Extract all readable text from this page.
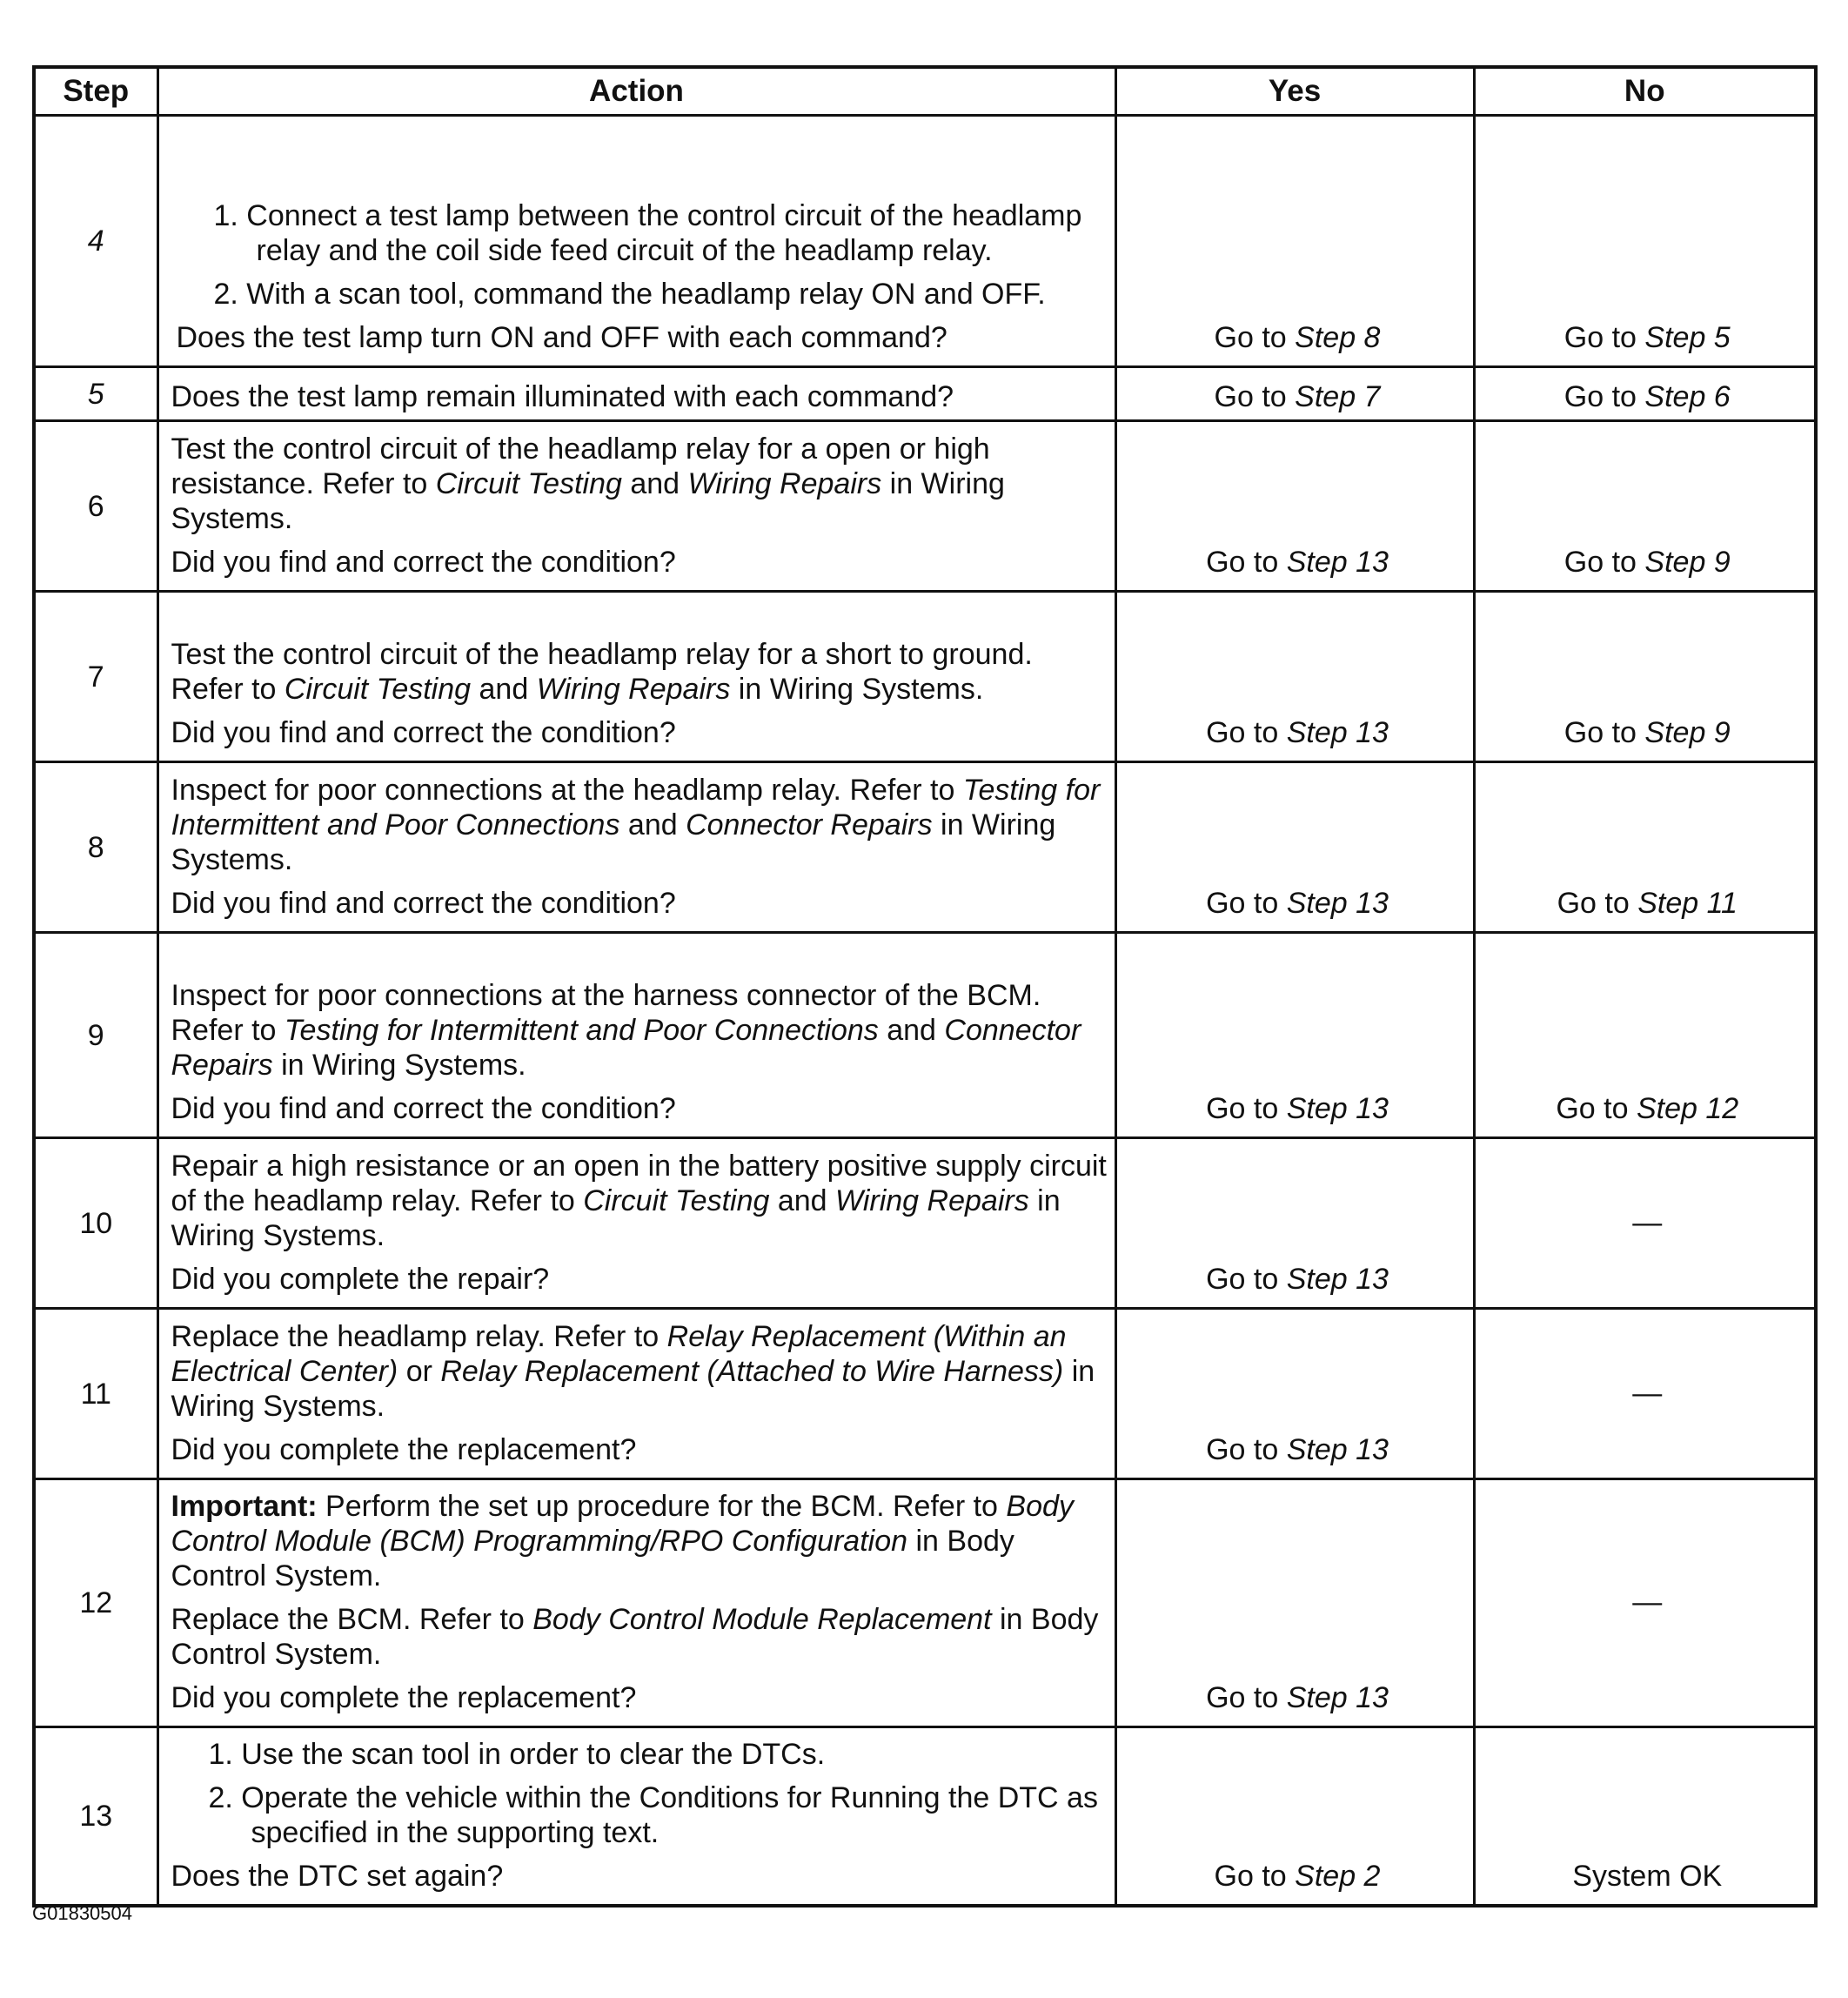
Step	Action	Yes	No
4	1. Connect a test lamp between the control circuit of the headlamp relay and the coil side feed circuit of the headlamp relay.
2. With a scan tool, command the headlamp relay ON and OFF.

Does the test lamp turn ON and OFF with each command?	Go to Step 8	Go to Step 5
5	Does the test lamp remain illuminated with each command?	Go to Step 7	Go to Step 6
6	Test the control circuit of the headlamp relay for a open or high resistance. Refer to Circuit Testing and Wiring Repairs in Wiring Systems.

Did you find and correct the condition?	Go to Step 13	Go to Step 9
7	Test the control circuit of the headlamp relay for a short to ground. Refer to Circuit Testing and Wiring Repairs in Wiring Systems.

Did you find and correct the condition?	Go to Step 13	Go to Step 9
8	Inspect for poor connections at the headlamp relay. Refer to Testing for Intermittent and Poor Connections and Connector Repairs in Wiring Systems.

Did you find and correct the condition?	Go to Step 13	Go to Step 11
9	Inspect for poor connections at the harness connector of the BCM. Refer to Testing for Intermittent and Poor Connections and Connector Repairs in Wiring Systems.

Did you find and correct the condition?	Go to Step 13	Go to Step 12
10	Repair a high resistance or an open in the battery positive supply circuit of the headlamp relay. Refer to Circuit Testing and Wiring Repairs in Wiring Systems.

Did you complete the repair?	Go to Step 13	—
11	Replace the headlamp relay. Refer to Relay Replacement (Within an Electrical Center) or Relay Replacement (Attached to Wire Harness) in Wiring Systems.

Did you complete the replacement?	Go to Step 13	—
12	Important: Perform the set up procedure for the BCM. Refer to Body Control Module (BCM) Programming/RPO Configuration in Body Control System.

Replace the BCM. Refer to Body Control Module Replacement in Body Control System.

Did you complete the replacement?	Go to Step 13	—
13	1. Use the scan tool in order to clear the DTCs.
2. Operate the vehicle within the Conditions for Running the DTC as specified in the supporting text.

Does the DTC set again?	Go to Step 2	System OK
G01830504
